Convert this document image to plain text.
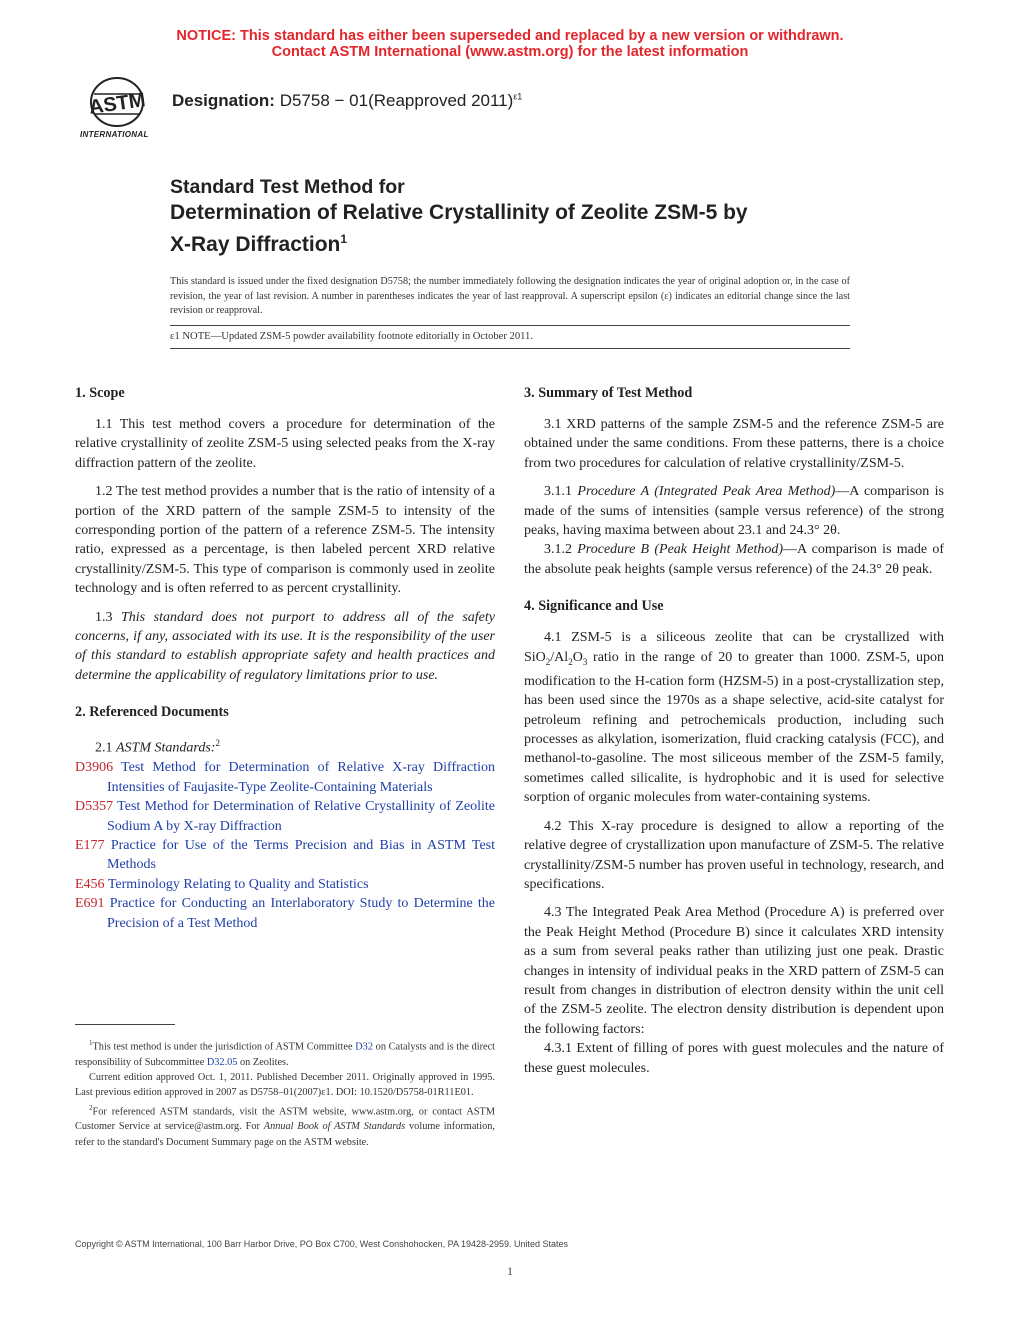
NOTICE: This standard has either been superseded and replaced by a new version or withdrawn.
Contact ASTM International (www.astm.org) for the latest information
ASTM
INTERNATIONAL
Designation: D5758 − 01(Reapproved 2011)$^{\varepsilon 1}$
Standard Test Method for
Determination of Relative Crystallinity of Zeolite ZSM-5 by
X-Ray Diffraction$^1$
This standard is issued under the fixed designation D5758; the number immediately following the designation indicates the year of original adoption or, in the case of revision, the year of last revision. A number in parentheses indicates the year of last reapproval. A superscript epsilon (ε) indicates an editorial change since the last revision or reapproval.
ε1 NOTE—Updated ZSM-5 powder availability footnote editorially in October 2011.
1. Scope

1.1 This test method covers a procedure for determination of the relative crystallinity of zeolite ZSM-5 using selected peaks from the X-ray diffraction pattern of the zeolite.

1.2 The test method provides a number that is the ratio of intensity of a portion of the XRD pattern of the sample ZSM-5 to intensity of the corresponding portion of the pattern of a reference ZSM-5. The intensity ratio, expressed as a percentage, is then labeled percent XRD relative crystallinity/ZSM-5. This type of comparison is commonly used in zeolite technology and is often referred to as percent crystallinity.

1.3 This standard does not purport to address all of the safety concerns, if any, associated with its use. It is the responsibility of the user of this standard to establish appropriate safety and health practices and determine the applicability of regulatory limitations prior to use.

2. Referenced Documents

2.1 ASTM Standards:$^2$

D3906 Test Method for Determination of Relative X-ray Diffraction Intensities of Faujasite-Type Zeolite-Containing Materials
D5357 Test Method for Determination of Relative Crystallinity of Zeolite Sodium A by X-ray Diffraction
E177 Practice for Use of the Terms Precision and Bias in ASTM Test Methods
E456 Terminology Relating to Quality and Statistics
E691 Practice for Conducting an Interlaboratory Study to Determine the Precision of a Test Method

$^1$This test method is under the jurisdiction of ASTM Committee D32 on Catalysts and is the direct responsibility of Subcommittee D32.05 on Zeolites.

Current edition approved Oct. 1, 2011. Published December 2011. Originally approved in 1995. Last previous edition approved in 2007 as D5758–01(2007)ε1. DOI: 10.1520/D5758-01R11E01.

$^2$For referenced ASTM standards, visit the ASTM website, www.astm.org, or contact ASTM Customer Service at service@astm.org. For Annual Book of ASTM Standards volume information, refer to the standard's Document Summary page on the ASTM website.

3. Summary of Test Method

3.1 XRD patterns of the sample ZSM-5 and the reference ZSM-5 are obtained under the same conditions. From these patterns, there is a choice from two procedures for calculation of relative crystallinity/ZSM-5.

3.1.1 Procedure A (Integrated Peak Area Method)—A comparison is made of the sums of intensities (sample versus reference) of the strong peaks, having maxima between about 23.1 and 24.3° 2θ.

3.1.2 Procedure B (Peak Height Method)—A comparison is made of the absolute peak heights (sample versus reference) of the 24.3° 2θ peak.

4. Significance and Use

4.1 ZSM-5 is a siliceous zeolite that can be crystallized with $SiO_2/Al_2O_3$ ratio in the range of 20 to greater than 1000. ZSM-5, upon modification to the H-cation form (HZSM-5) in a post-crystallization step, has been used since the 1970s as a shape selective, acid-site catalyst for petroleum refining and petrochemicals production, including such processes as alkylation, isomerization, fluid cracking catalysis (FCC), and methanol-to-gasoline. The most siliceous member of the ZSM-5 family, sometimes called silicalite, is hydrophobic and it is used for selective sorption of organic molecules from water-containing systems.

4.2 This X-ray procedure is designed to allow a reporting of the relative degree of crystallization upon manufacture of ZSM-5. The relative crystallinity/ZSM-5 number has proven useful in technology, research, and specifications.

4.3 The Integrated Peak Area Method (Procedure A) is preferred over the Peak Height Method (Procedure B) since it calculates XRD intensity as a sum from several peaks rather than utilizing just one peak. Drastic changes in intensity of individual peaks in the XRD pattern of ZSM-5 can result from changes in distribution of electron density within the unit cell of the ZSM-5 zeolite. The electron density distribution is dependent upon the following factors:

4.3.1 Extent of filling of pores with guest molecules and the nature of these guest molecules.

Copyright © ASTM International, 100 Barr Harbor Drive, PO Box C700, West Conshohocken, PA 19428-2959. United States
1
